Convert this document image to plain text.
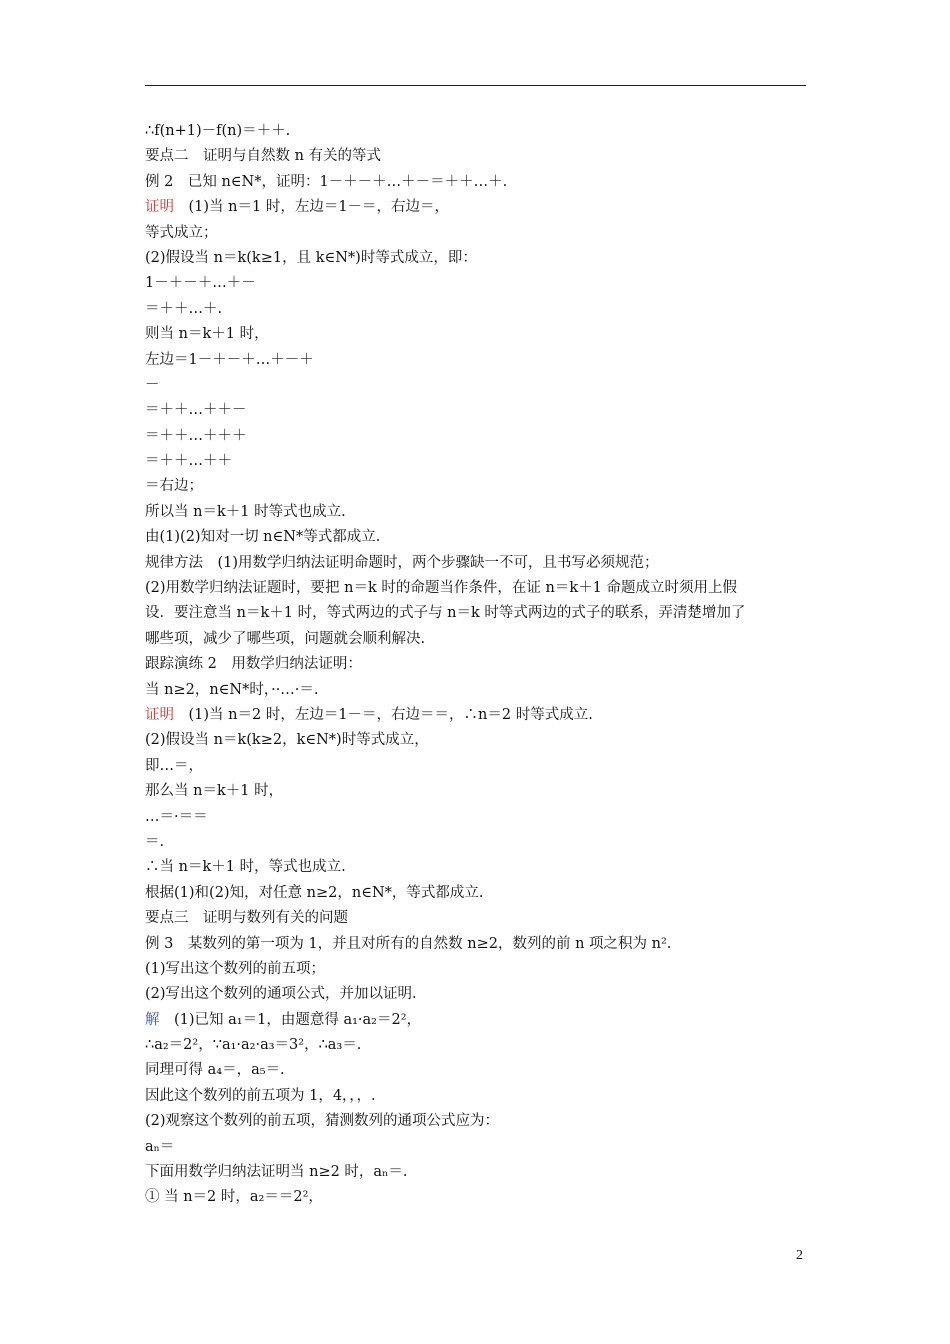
∴f(n+1)－f(n)＝＋＋.
要点二　证明与自然数 n 有关的等式
例 2　已知 n∈N*，证明：1－＋－＋…＋－＝＋＋…＋.
证明　(1)当 n＝1 时，左边＝1－＝，右边＝，
等式成立；
(2)假设当 n＝k(k≥1，且 k∈N*)时等式成立，即：
1－＋－＋…＋－
＝＋＋…＋.
则当 n＝k＋1 时，
左边＝1－＋－＋…＋－＋
－
＝＋＋…＋＋－
＝＋＋…＋＋＋
＝＋＋…＋＋
＝右边；
所以当 n＝k＋1 时等式也成立.
由(1)(2)知对一切 n∈N*等式都成立.
规律方法　(1)用数学归纳法证明命题时，两个步骤缺一不可，且书写必须规范；
(2)用数学归纳法证题时，要把 n＝k 时的命题当作条件，在证 n＝k＋1 命题成立时须用上假
设．要注意当 n＝k＋1 时，等式两边的式子与 n＝k 时等式两边的式子的联系，弄清楚增加了
哪些项，减少了哪些项，问题就会顺利解决.
跟踪演练 2　用数学归纳法证明：
当 n≥2，n∈N*时，··…·＝.
证明　(1)当 n＝2 时，左边＝1－＝，右边＝＝，∴n＝2 时等式成立.
(2)假设当 n＝k(k≥2，k∈N*)时等式成立，
即…＝，
那么当 n＝k＋1 时，
…＝·＝＝
＝.
∴当 n＝k＋1 时，等式也成立.
根据(1)和(2)知，对任意 n≥2，n∈N*，等式都成立.
要点三　证明与数列有关的问题
例 3　某数列的第一项为 1，并且对所有的自然数 n≥2，数列的前 n 项之积为 n².
(1)写出这个数列的前五项；
(2)写出这个数列的通项公式，并加以证明.
解　(1)已知 a₁＝1，由题意得 a₁·a₂＝2²，
∴a₂＝2²，∵a₁·a₂·a₃＝3²，∴a₃＝.
同理可得 a₄＝，a₅＝.
因此这个数列的前五项为 1，4，，，.
(2)观察这个数列的前五项，猜测数列的通项公式应为：
aₙ＝
下面用数学归纳法证明当 n≥2 时，aₙ＝.
① 当 n＝2 时，a₂＝＝2²，
2
